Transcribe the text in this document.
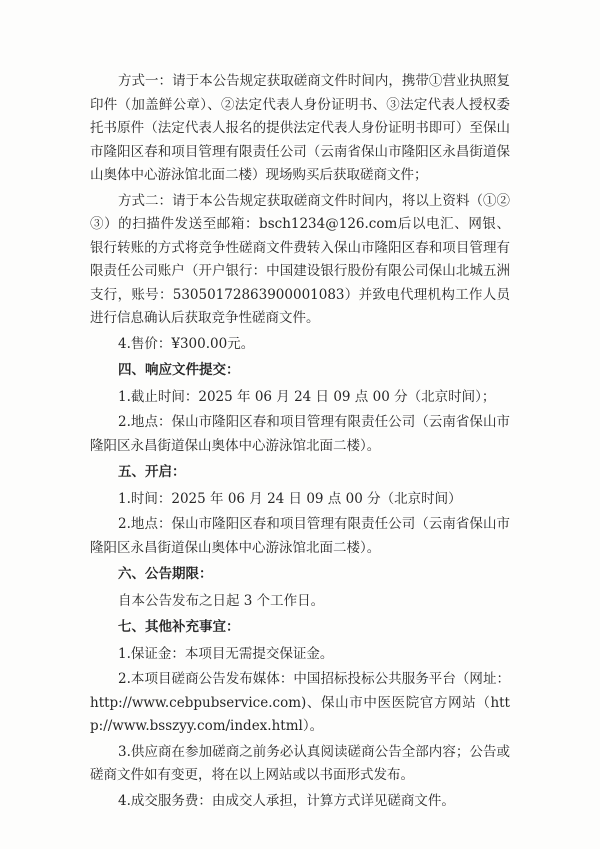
方式一：请于本公告规定获取磋商文件时间内，携带①营业执照复印件（加盖鲜公章）、②法定代表人身份证明书、③法定代表人授权委托书原件（法定代表人报名的提供法定代表人身份证明书即可）至保山市隆阳区春和项目管理有限责任公司（云南省保山市隆阳区永昌街道保山奥体中心游泳馆北面二楼）现场购买后获取磋商文件；

方式二：请于本公告规定获取磋商文件时间内，将以上资料（①②③）的扫描件发送至邮箱：bsch1234@126.com后以电汇、网银、银行转账的方式将竞争性磋商文件费转入保山市隆阳区春和项目管理有限责任公司账户（开户银行：中国建设银行股份有限公司保山北城五洲支行，账号：53050172863900001083）并致电代理机构工作人员进行信息确认后获取竞争性磋商文件。

4.售价：¥300.00元。

四、响应文件提交：

1.截止时间：2025 年 06 月 24 日 09 点 00 分（北京时间）；

2.地点：保山市隆阳区春和项目管理有限责任公司（云南省保山市隆阳区永昌街道保山奥体中心游泳馆北面二楼）。

五、开启：

1.时间：2025 年 06 月 24 日 09 点 00 分（北京时间）

2.地点：保山市隆阳区春和项目管理有限责任公司（云南省保山市隆阳区永昌街道保山奥体中心游泳馆北面二楼）。

六、公告期限：

自本公告发布之日起 3 个工作日。

七、其他补充事宜：

1.保证金：本项目无需提交保证金。

2.本项目磋商公告发布媒体：中国招标投标公共服务平台（网址：http://www.cebpubservice.com)、保山市中医医院官方网站（http://www.bsszyy.com/index.html）。

3.供应商在参加磋商之前务必认真阅读磋商公告全部内容；公告或磋商文件如有变更，将在以上网站或以书面形式发布。

4.成交服务费：由成交人承担，计算方式详见磋商文件。
